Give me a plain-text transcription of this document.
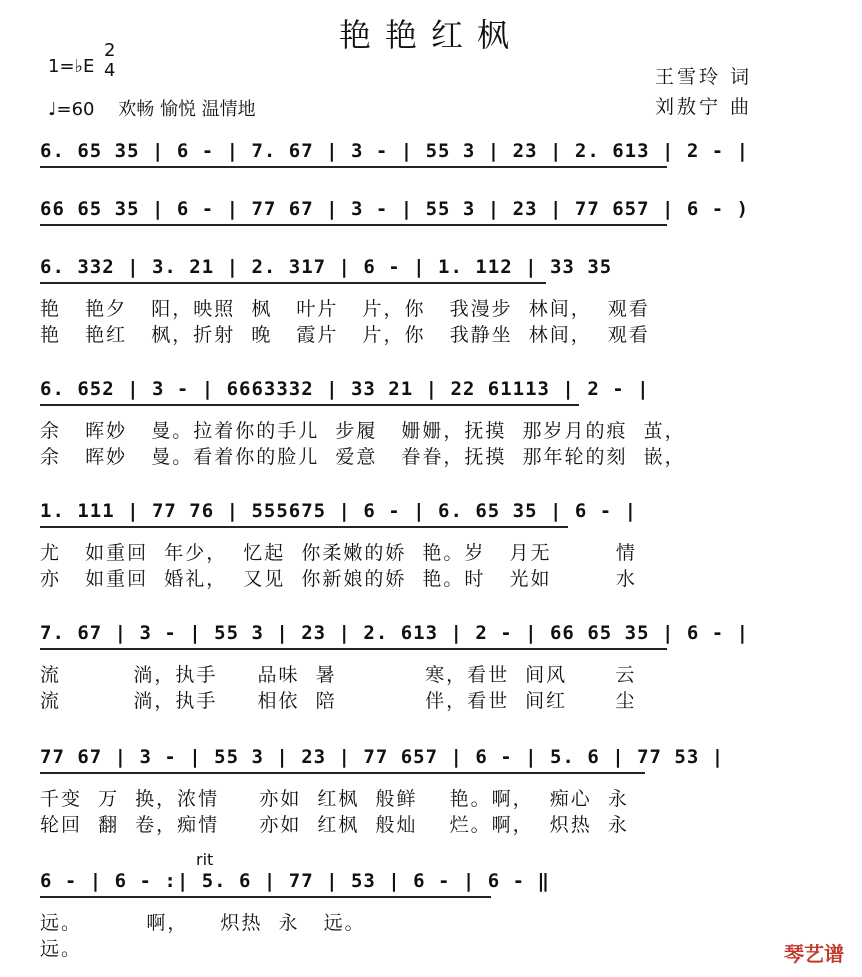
艳艳红枫
1=♭E
2
4
♩=60 欢畅 愉悦 温情地
王雪玲 词
刘敖宁 曲
6. 65 35 | 6 - | 7. 67 | 3 - | 55 3 | 23 | 2. 613 | 2 - |
66 65 35 | 6 - | 77 67 | 3 - | 55 3 | 23 | 77 657 | 6 - )
6. 332 | 3. 21 | 2. 317 | 6 - | 1. 112 | 33 35
艳   艳夕   阳，映照  枫   叶片   片，你   我漫步  林间，  观看
艳   艳红   枫，折射  晚   霞片   片，你   我静坐  林间，  观看
6. 652 | 3 - | 6663332 | 33 21 | 22 61113 | 2 - |
余   晖妙   曼。拉着你的手儿  步履   姗姗，抚摸  那岁月的痕  茧，
余   晖妙   曼。看着你的脸儿  爱意   眷眷，抚摸  那年轮的刻  嵌，
1. 111 | 77 76 | 555675 | 6 - | 6. 65 35 | 6 - |
尤   如重回  年少，  忆起  你柔嫩的娇  艳。岁   月无        情
亦   如重回  婚礼，  又见  你新娘的娇  艳。时   光如        水
7. 67 | 3 - | 55 3 | 23 | 2. 613 | 2 - | 66 65 35 | 6 - |
流         淌，执手     品味  暑           寒，看世  间风      云
流         淌，执手     相依  陪           伴，看世  间红      尘
77 67 | 3 - | 55 3 | 23 | 77 657 | 6 - | 5. 6 | 77 53 |
千变  万  换，浓情     亦如  红枫  般鲜    艳。啊，  痴心  永
轮回  翻  卷，痴情     亦如  红枫  般灿    烂。啊，  炽热  永
6 - | 6 - :| 5. 6 | 77 | 53 | 6 - | 6 - ‖
远。        啊，    炽热  永   远。
远。
rit
琴艺谱
